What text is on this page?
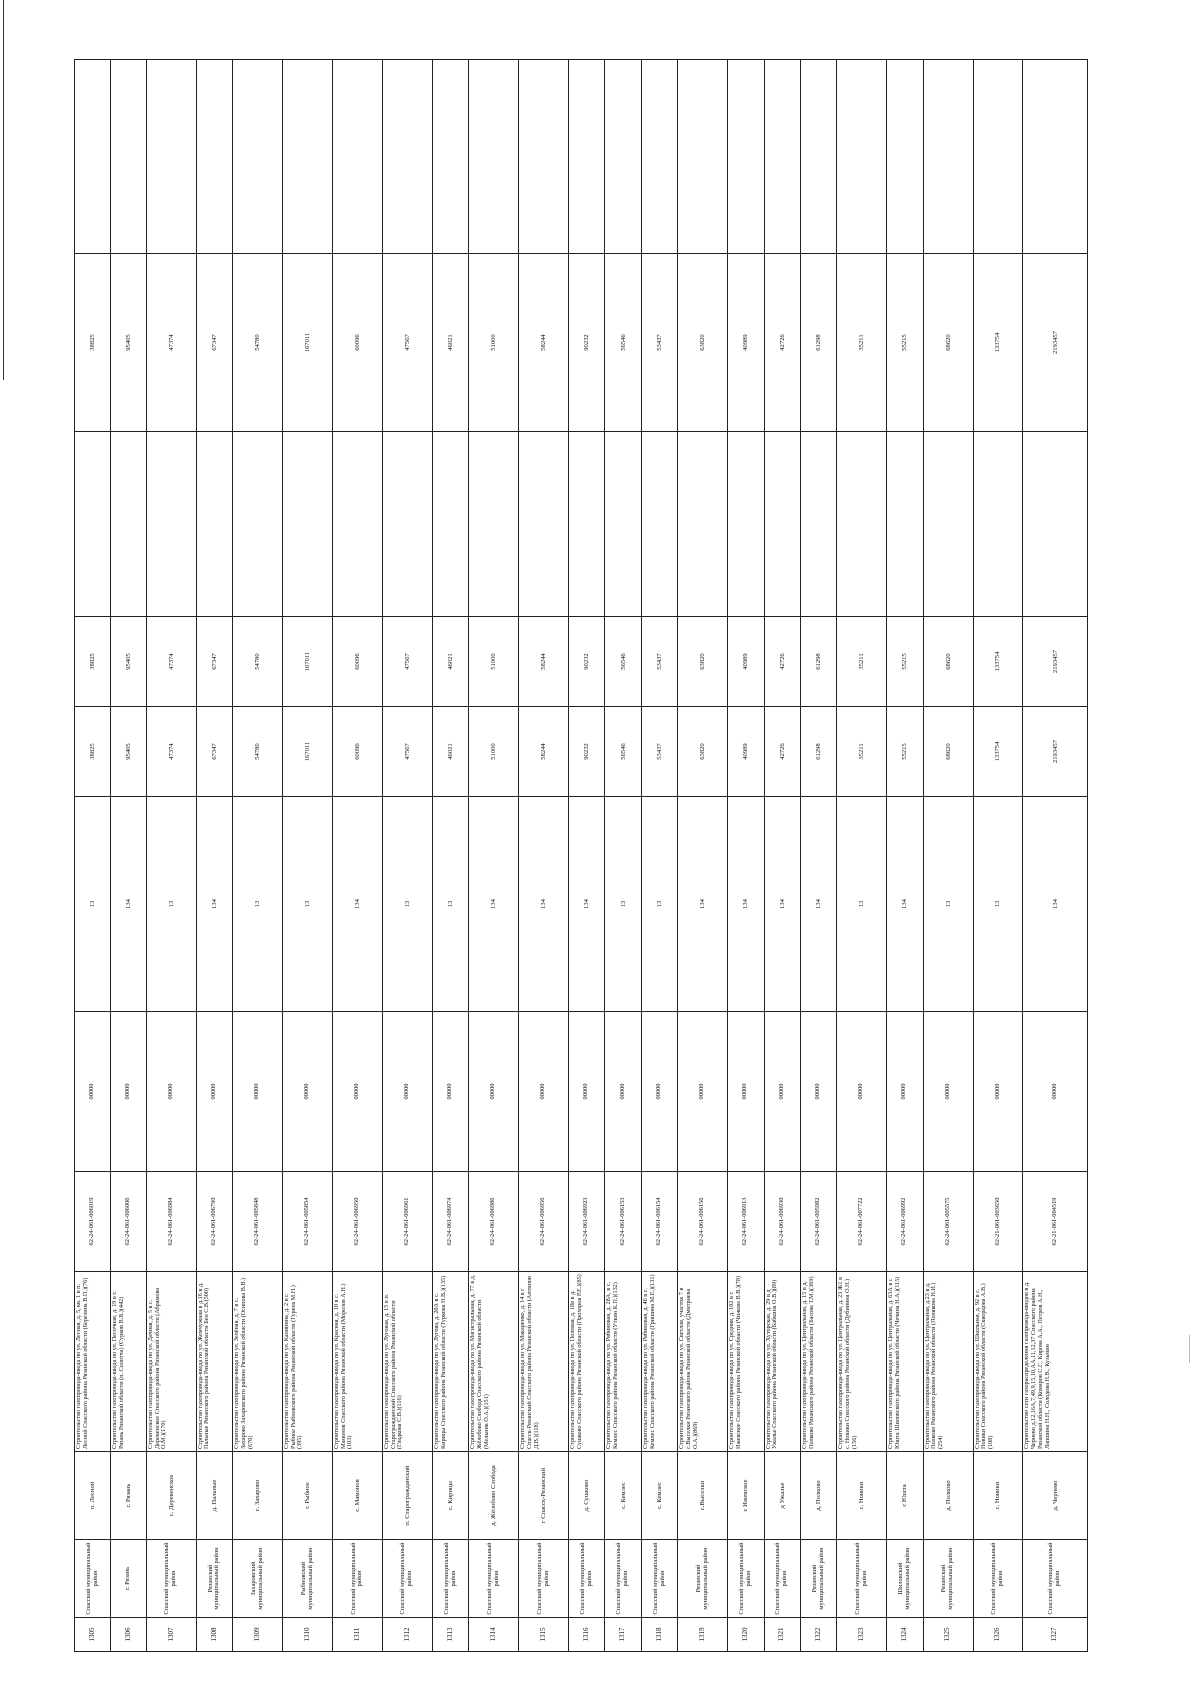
1305	Спасский муниципальный район	п. Лесной	Строительство газопровода-ввода по ул. Лесная, д. 5, кв. 1 в п. Лесной Спасского района Рязанской области (Березина В.П.)(76)	62-24-061-006019	00000	13	38825	38825		38825	
1306	г. Рязань	г. Рязань	Строительство газопровода-ввода по ул. Песочная, д. 19 в г. Рязань Рязанской области (п. Солотча) (Сурков В.В.)(442)	62-24-061-006006	00000	134	95405	95405		95405	
1307	Спасский муниципальный район	с. Деревенское	Строительство газопровода-ввода по ул. Дачная, д. 5 в с. Деревенское Спасского района Рязанской области (Абрамова О.М.)(170)	62-24-061-006984	00000	13	47374	47374		47374	
1308	Рязанский муниципальный район	д. Пальные	Строительство газопровода-ввода по ул. Жемчужная в д.16 в д. Пальные Рязанского района Рязанской области Бен С.В.(500)	62-24-061-006790	00000	134	67347	67347		67347	
1309	Захаровский муниципальный район	с. Захарово	Строительство газопровода-ввода по ул. Зелёная, д. 7 в с. Захарово Захаровского района Рязанской области (Осипова В.В.)(670)	62-24-061-005848	00000	13	54780	54780		54780	
1310	Рыбновский муниципальный район	г. Рыбное	Строительство газопровода-ввода по ул. Калинина, д. 2 в г. Рыбное Рыбновского района Рязанской области (Гуреев М.Н.)(395)	62-24-061-005854	00000	13	167011	167011		167011	
1311	Спасский муниципальный район	с. Мамонов	Строительство газопровода-ввода по ул. Красная, д. 10 в с. Мамонов Спасского района Рязанской области (Морозов А.Н.)(103)	62-24-061-006950	00000	134	60096	60096		60096	
1312	Спасский муниципальный район	п. Старогражданский	Строительство газопровода-ввода по ул. Луговая, д. 15 в п. Старогражданский Спасского района Рязанской области (Гладкова С.В.)(116)	62-24-061-006961	00000	13	47567	47567		47567	
1313	Спасский муниципальный район	с. Кирицы	Строительство газопровода-ввода по ул. Лугова, д. 20А в с. Кирицы Спасского района Рязанской области (Туркова Н.В.)(135)	62-24-061-006974	00000	13	46021	46021		46021	
1314	Спасский муниципальный район	д. Жёлобово Слобода	Строительство газопровода-ввода по ул. Магистральная, д. 77 в д. Жёлобово Слобода Спасского района Рязанской области (Мельник О.А.)(151)	62-24-061-006986	00000	134	51000	51000		51000	
1315	Спасский муниципальный район	г Спасск-Рязанский	Строительство газопровода-ввода по ул. Макаренко, д. 14 в г Спасск-Рязанский Спасского района Рязанской области (Антипов Д.В.)(118)	62-24-061-006956	00000	134	58244	58244		58244	
1316	Спасский муниципальный район	д. Сушково	Строительство газопровода-ввода по ул. Полевая, д. 18в в д. Сушково Спасского района Рязанской области (Прохоров Р.Е.)(85)	62-24-061-006923	00000	134	90232	90232		90232	
1317	Спасский муниципальный район	с. Кемлес	Строительство газопровода-ввода по ул. Рябиновая, д. 28А, в с. Кемлес Спасского района Рязанской области (Уткин К.П.)(132)	62-24-061-006153	00000	13	56546	56546		56546	
1318	Спасский муниципальный район	с. Кемлес	Строительство газопровода-ввода по ул. Рябиновая, д. 46 в с. Кемлес Спасского района Рязанской области (Гришина М.Е.)(131)	62-24-061-006154	00000	13	53437	53437		53437	
1319	Рязанский муниципальный район	с.Выселки	Строительство газопровода-ввода по ул. Светлая, участок 7 в с.Выселки Рязанского района Рязанской области (Дмитриева О.А.)(869)	62-24-061-006156	00000	134	63820	63820		63820	
1320	Спасский муниципальный район	с Ижевское	Строительство газопровода-ввода по ул. Средняя, д. 102 в с Ижевское Спасского района Рязанской области (Чижова В.В.)(78)	62-24-061-006913	00000	134	40989	40989		40989	
1321	Спасский муниципальный район	д Ужалье	Строительство газопровода-ввода по ул. Хуторская, д. 29 в д Ужалье Спасского района Рязанской области (Бабкина О.В.)(89)	62-24-061-006930	00000	134	42726	42726		42726	
1322	Рязанский муниципальный район	д. Полково	Строительство газопровода-ввода по ул. Центральная, д. 15 в д. Полково Рязанского района Рязанской области (Басова Т.М.)(369)	62-24-061-005982	00000	134	61298	61298		61298	
1323	Спасский муниципальный район	с. Новики	Строительство газопровода-ввода по ул. Центральная, д. 23 Ж1 в с. Новики Спасского района Рязанской области (Дубинина О.Н.)(156)	62-24-061-007722	00000	13	35211	35211		35211	
1324	Шиловский муниципальный район	с Юшта	Строительство газопровода-ввода по ул. Центральная, д. 63А в с Юшта Шиловского района Рязанской области (Чечина Н.А.)(115)	62-24-061-006992	00000	134	55215	55215		55215	
1325	Рязанский муниципальный район	д. Полково	Строительство газопровода-ввода по ул. Центральная, д.23 в д. Полково Рязанского района Рязанской области (Полякова Н.И.)(254)	62-24-061-005575	00000	13	68620	68620		68620	
1326	Спасский муниципальный район	с. Новики	Строительство газопровода-ввода по ул. Школьная, д. 92 в с. Новики Спасского района Рязанской области (Скворцова А.В.)(108)	62-21-061-003650	00000	13	133754	133754		133754	
1327	Спасский муниципальный район	д. Чернево	Строительство сети газораспределения газопровода-вводов в д. Чернево д.12,16А,7,49,9,15,10,АА,11,12,37 Спасского района Рязанской области (Комаров С.Г., Кирова А.А., Петров А.Н., Лапшина Н.Н., Солодова Н.В., Кузьмин	62-21-061-004519	00000	134	2193457	2193457		2193457	
